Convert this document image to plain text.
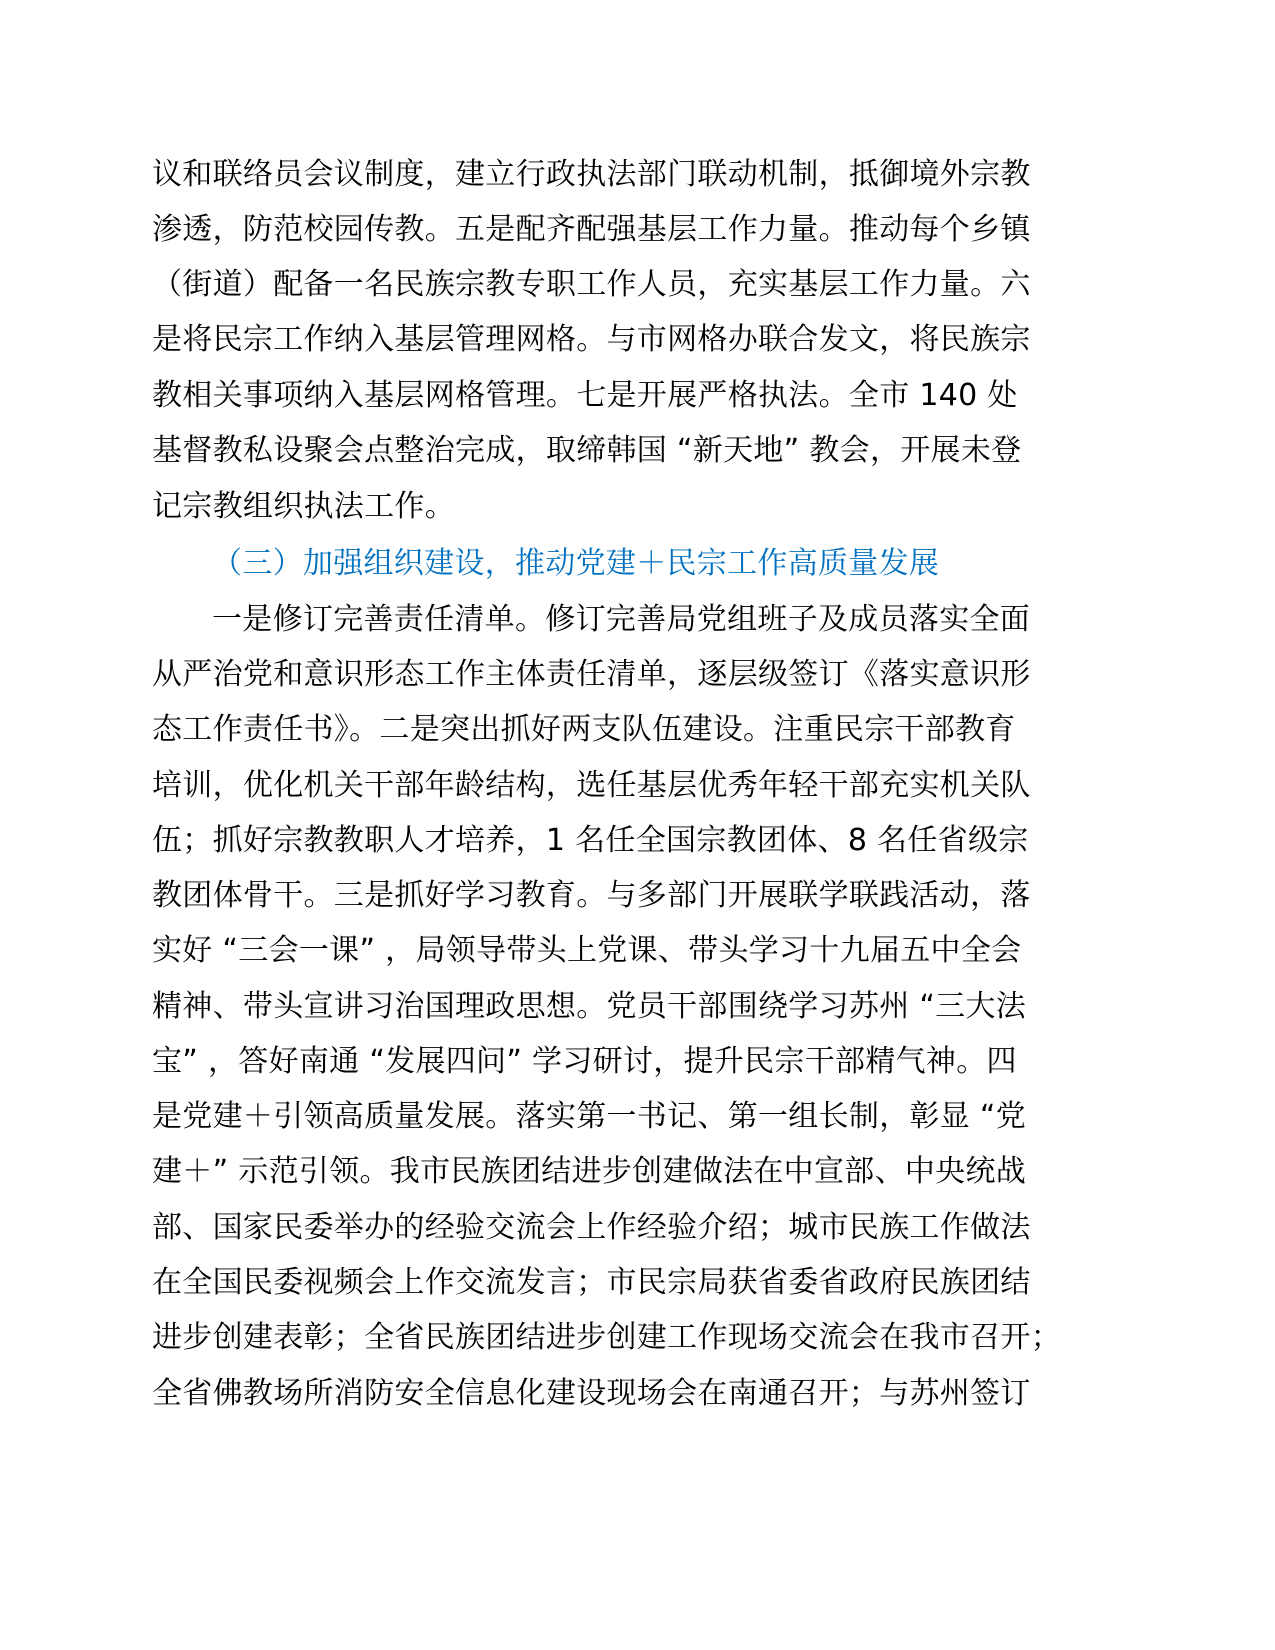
议和联络员会议制度，建立行政执法部门联动机制，抵御境外宗教
渗透，防范校园传教。五是配齐配强基层工作力量。推动每个乡镇
（街道）配备一名民族宗教专职工作人员，充实基层工作力量。六
是将民宗工作纳入基层管理网格。与市网格办联合发文，将民族宗
教相关事项纳入基层网格管理。七是开展严格执法。全市 140 处
基督教私设聚会点整治完成，取缔韩国 “新天地” 教会，开展未登
记宗教组织执法工作。
（三）加强组织建设，推动党建＋民宗工作高质量发展
一是修订完善责任清单。修订完善局党组班子及成员落实全面
从严治党和意识形态工作主体责任清单，逐层级签订《落实意识形
态工作责任书》。二是突出抓好两支队伍建设。注重民宗干部教育
培训，优化机关干部年龄结构，选任基层优秀年轻干部充实机关队
伍；抓好宗教教职人才培养，1 名任全国宗教团体、8 名任省级宗
教团体骨干。三是抓好学习教育。与多部门开展联学联践活动，落
实好 “三会一课” ，局领导带头上党课、带头学习十九届五中全会
精神、带头宣讲习治国理政思想。党员干部围绕学习苏州 “三大法
宝” ，答好南通 “发展四问” 学习研讨，提升民宗干部精气神。四
是党建＋引领高质量发展。落实第一书记、第一组长制，彰显 “党
建＋” 示范引领。我市民族团结进步创建做法在中宣部、中央统战
部、国家民委举办的经验交流会上作经验介绍；城市民族工作做法
在全国民委视频会上作交流发言；市民宗局获省委省政府民族团结
进步创建表彰；全省民族团结进步创建工作现场交流会在我市召开；
全省佛教场所消防安全信息化建设现场会在南通召开；与苏州签订
